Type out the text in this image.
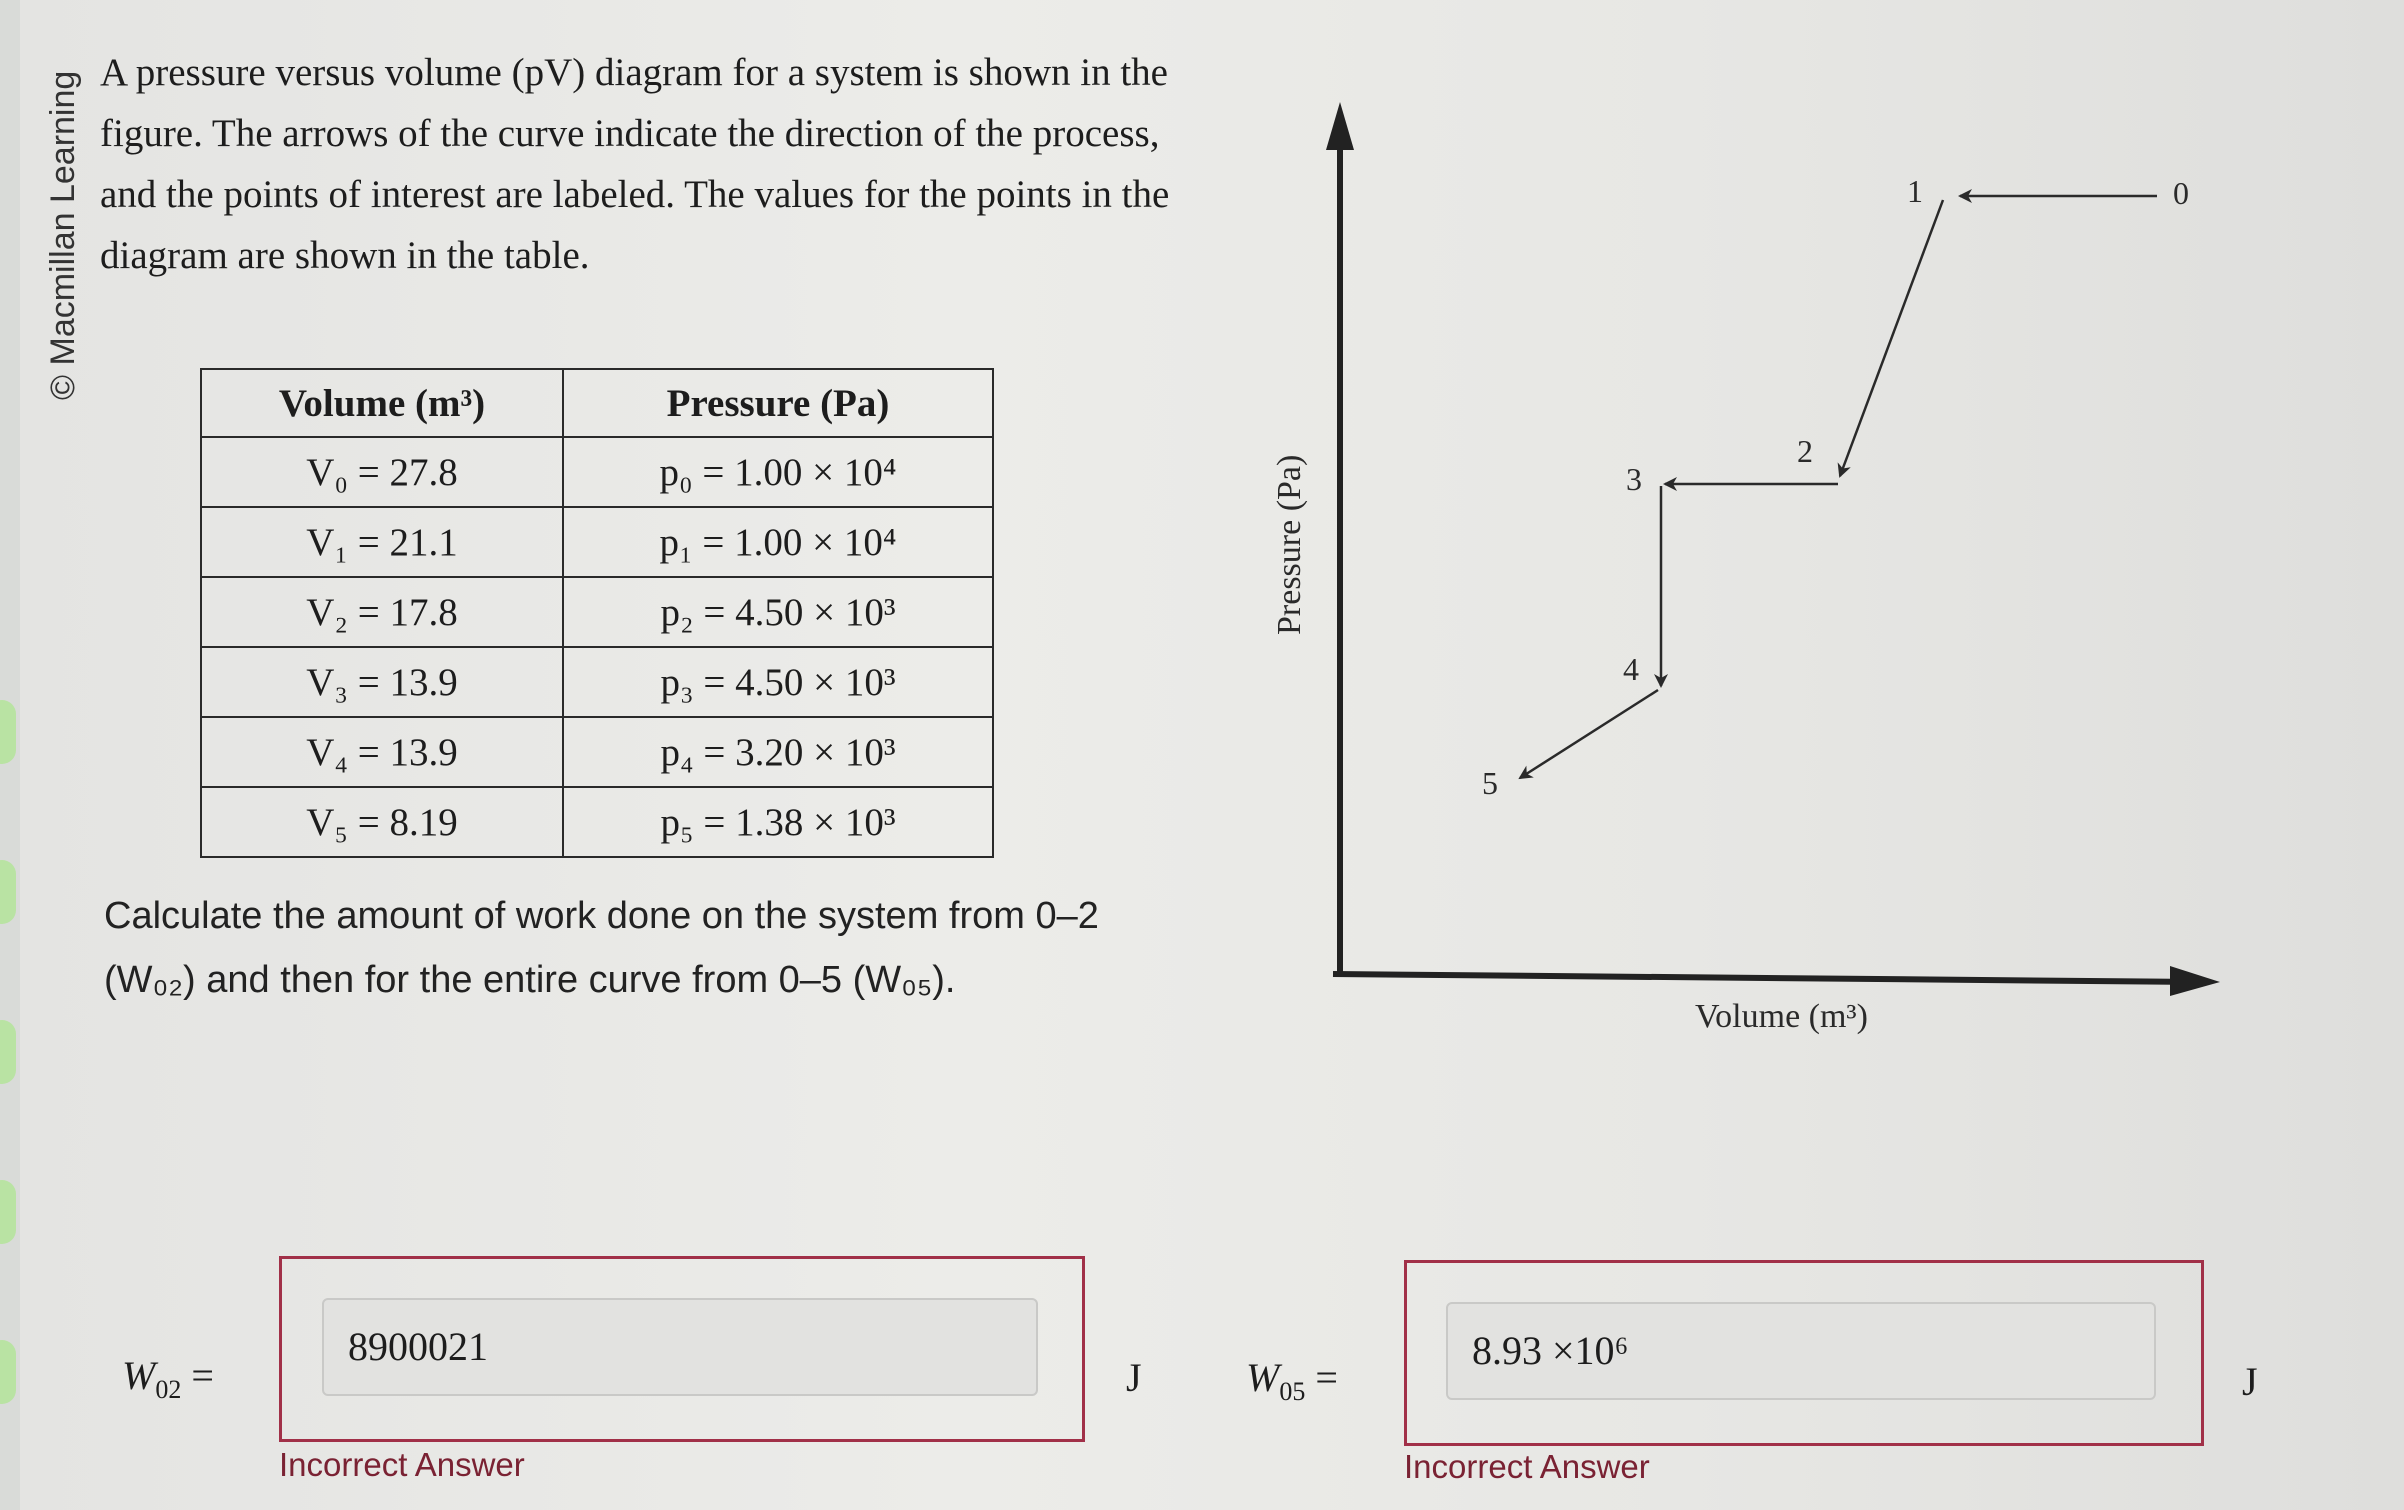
© Macmillan Learning A pressure versus volume (pV) diagram for a system is shown in the figure. The arrows of the curve indicate the direction of the process, and the points of interest are labeled. The values for the points in the diagram are shown in the table.
Volume (m³)	Pressure (Pa)
V₀ = 27.8	p₀ = 1.00 × 10⁴
V₁ = 21.1	p₁ = 1.00 × 10⁴
V₂ = 17.8	p₂ = 4.50 × 10³
V₃ = 13.9	p₃ = 4.50 × 10³
V₄ = 13.9	p₄ = 3.20 × 10³
V₅ = 8.19	p₅ = 1.38 × 10³
Calculate the amount of work done on the system from 0–2 (W₀₂) and then for the entire curve from 0–5 (W₀₅).
0
1
2
3
4
5
Volume (m³)
Pressure (Pa)
$W_{02}$ =
8900021
J
Incorrect Answer
$W_{05}$ =
8.93 ×10⁶
J
Incorrect Answer
